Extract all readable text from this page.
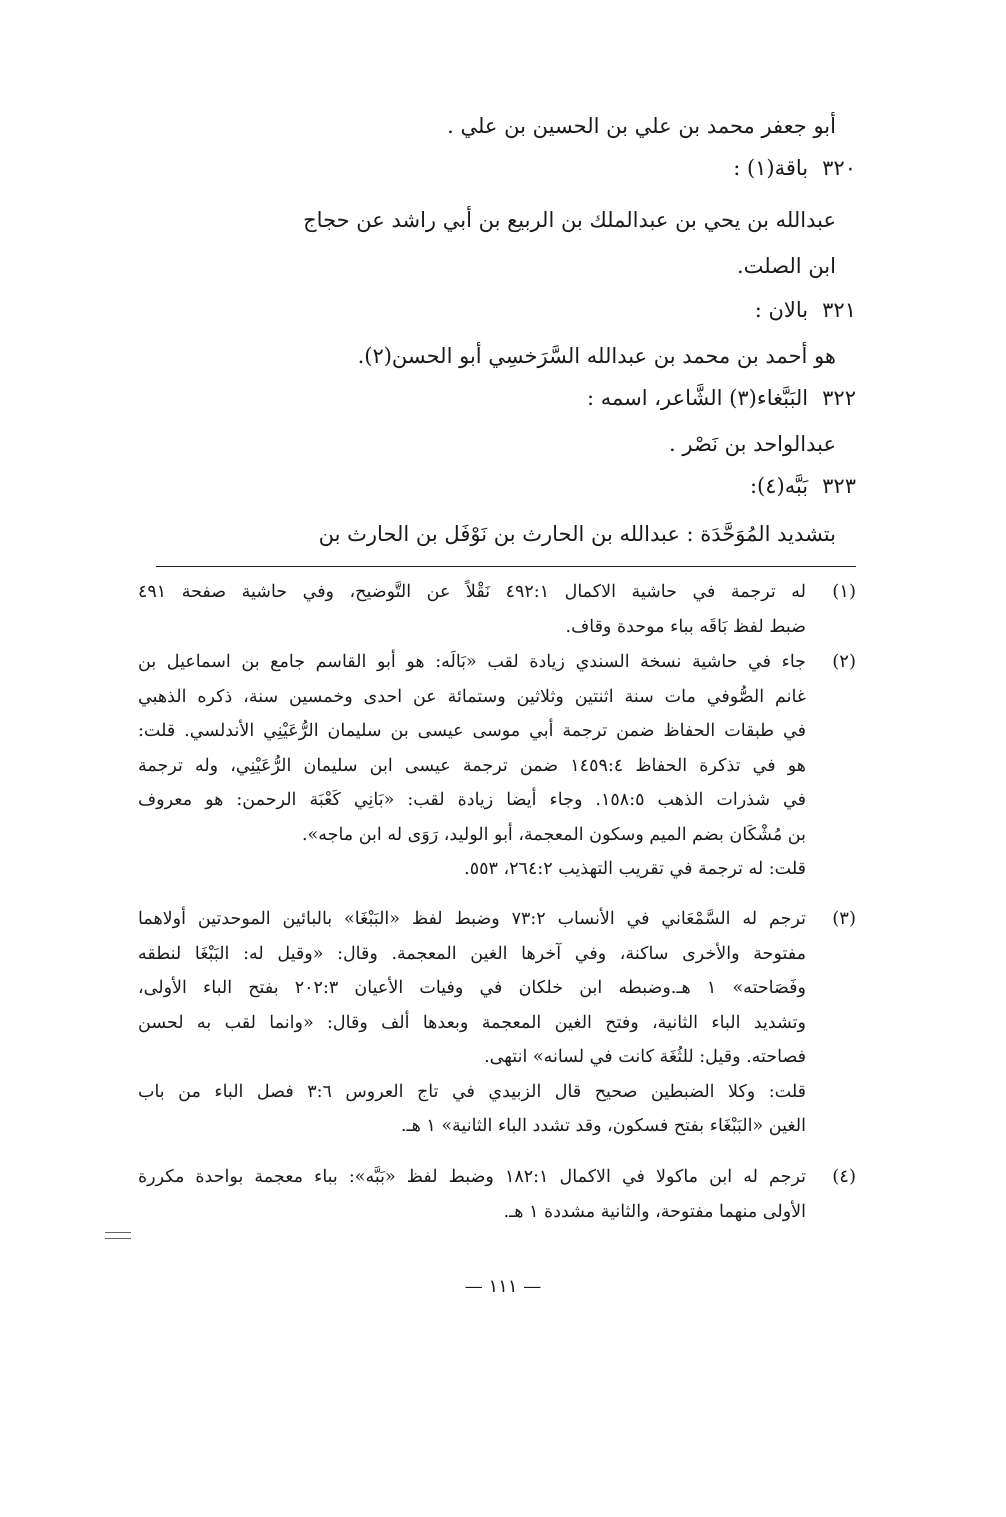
أبو جعفر محمد بن علي بن الحسين بن علي .
٣٢٠باقة(١) :
عبدالله بن يحي بن عبدالملك بن الربيع بن أبي راشد عن حجاج
ابن الصلت.
٣٢١بالان :
هو أحمد بن محمد بن عبدالله السَّرَخسِي أبو الحسن(٢).
٣٢٢البَبَّغاء(٣) الشَّاعر، اسمه :
عبدالواحد بن نَصْر .
٣٢٣بَبَّه(٤):
بتشديد المُوَحَّدَة : عبدالله بن الحارث بن نَوْفَل بن الحارث بن
(١)
له ترجمة في حاشية الاكمال ٤٩٢:١ نَقْلاً عن التَّوضيح، وفي حاشية صفحة ٤٩١
ضبط لفظ بَاقَه بباء موحدة وقاف.
(٢)
جاء في حاشية نسخة السندي زيادة لقب «بَالَه: هو أبو القاسم جامع بن اسماعيل بن
غانم الصُّوفي مات سنة اثنتين وثلاثين وستمائة عن احدى وخمسين سنة، ذكره الذهبي
في طبقات الحفاظ ضمن ترجمة أبي موسى عيسى بن سليمان الرُّعَيْنِي الأندلسي. قلت:
هو في تذكرة الحفاظ ١٤٥٩:٤ ضمن ترجمة عيسى ابن سليمان الرُّعَيْنِي، وله ترجمة
في شذرات الذهب ١٥٨:٥. وجاء أيضا زيادة لقب: «بَانِي كَعْبَة الرحمن: هو معروف
بن مُشْكَان بضم الميم وسكون المعجمة، أبو الوليد، رَوَى له ابن ماجه».
قلت: له ترجمة في تقريب التهذيب ٢٦٤:٢، ٥٥٣.
(٣)
ترجم له السَّمْعَاني في الأنساب ٧٣:٢ وضبط لفظ «البَبْغَا» بالبائين الموحدتين أولاهما
مفتوحة والأخرى ساكنة، وفي آخرها الغين المعجمة. وقال: «وقيل له: البَبْغَا لنطقه
وفَصَاحته» ١ هـ.وضبطه ابن خلكان في وفيات الأعيان ٢٠٢:٣ بفتح الباء الأولى،
وتشديد الباء الثانية، وفتح الغين المعجمة وبعدها ألف وقال: «وانما لقب به لحسن
فصاحته. وقيل: للثُغَة كانت في لسانه» انتهى.
قلت: وكلا الضبطين صحيح قال الزبيدي في تاج العروس ٣:٦ فصل الباء من باب
الغين «البَبْغَاء بفتح فسكون، وقد تشدد الباء الثانية» ١ هـ.
(٤)
ترجم له ابن ماكولا في الاكمال ١٨٢:١ وضبط لفظ «بَبَّه»: بباء معجمة بواحدة مكررة
الأولى منهما مفتوحة، والثانية مشددة ١ هـ.
— ١١١ —
